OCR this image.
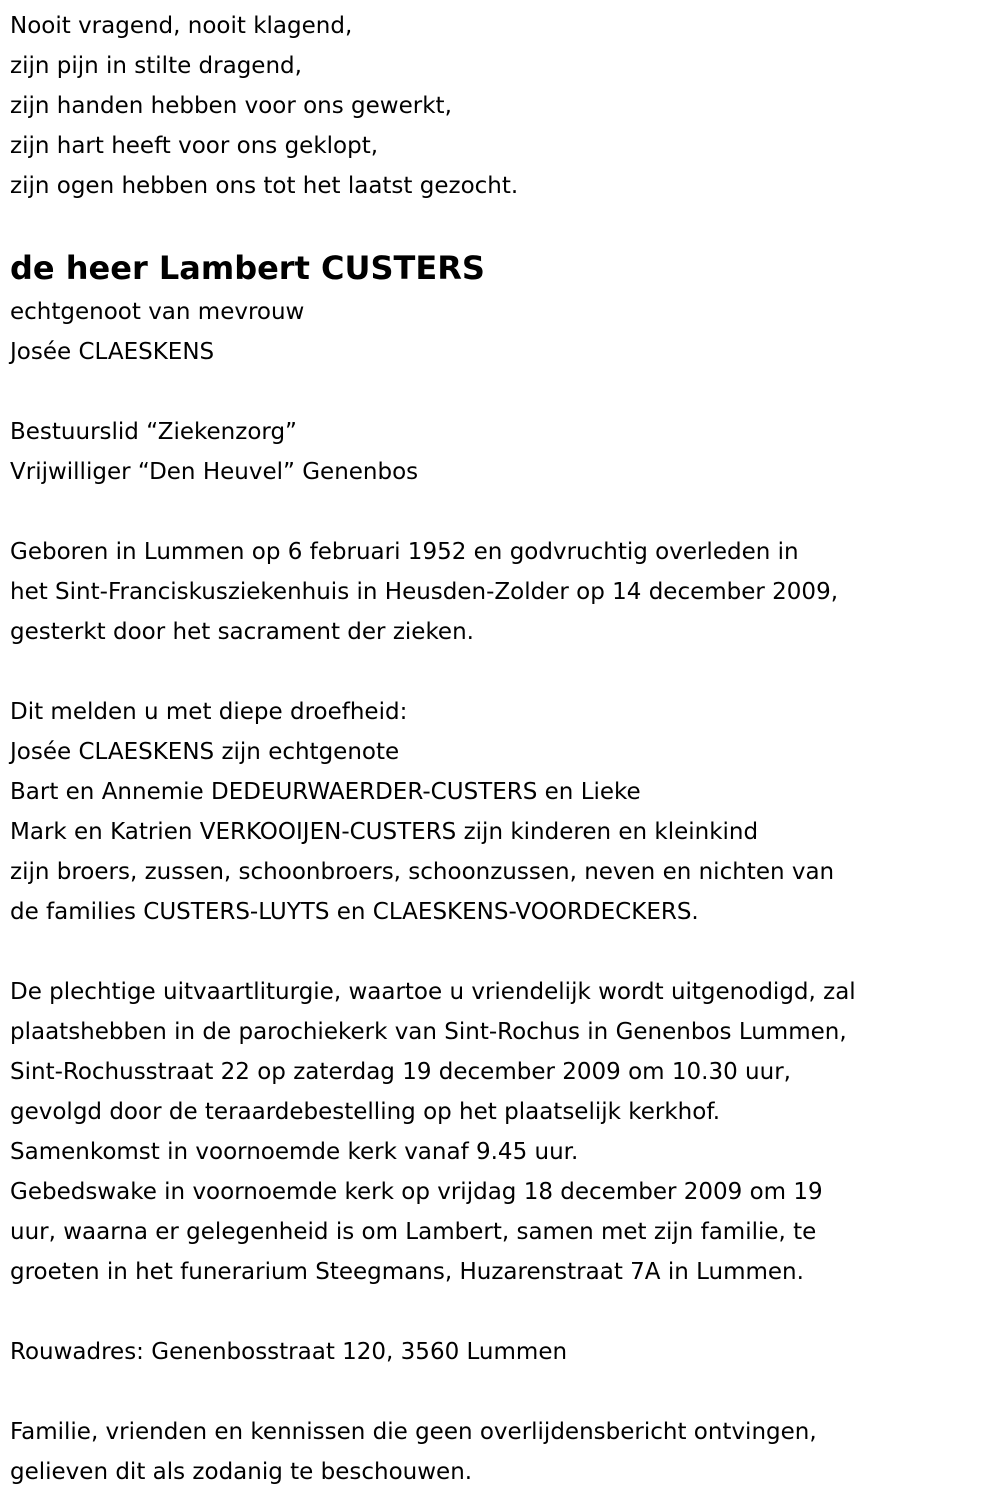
Nooit vragend, nooit klagend,
zijn pijn in stilte dragend,
zijn handen hebben voor ons gewerkt,
zijn hart heeft voor ons geklopt,
zijn ogen hebben ons tot het laatst gezocht.
de heer Lambert CUSTERS
echtgenoot van mevrouw
Josée CLAESKENS
Bestuurslid “Ziekenzorg”
Vrijwilliger “Den Heuvel” Genenbos
Geboren in Lummen op 6 februari 1952 en godvruchtig overleden in
het Sint-Franciskusziekenhuis in Heusden-Zolder op 14 december 2009,
gesterkt door het sacrament der zieken.
Dit melden u met diepe droefheid:
Josée CLAESKENS zijn echtgenote
Bart en Annemie DEDEURWAERDER-CUSTERS en Lieke
Mark en Katrien VERKOOIJEN-CUSTERS zijn kinderen en kleinkind
zijn broers, zussen, schoonbroers, schoonzussen, neven en nichten van
de families CUSTERS-LUYTS en CLAESKENS-VOORDECKERS.
De plechtige uitvaartliturgie, waartoe u vriendelijk wordt uitgenodigd, zal
plaatshebben in de parochiekerk van Sint-Rochus in Genenbos Lummen,
Sint-Rochusstraat 22 op zaterdag 19 december 2009 om 10.30 uur,
gevolgd door de teraardebestelling op het plaatselijk kerkhof.
Samenkomst in voornoemde kerk vanaf 9.45 uur.
Gebedswake in voornoemde kerk op vrijdag 18 december 2009 om 19
uur, waarna er gelegenheid is om Lambert, samen met zijn familie, te
groeten in het funerarium Steegmans, Huzarenstraat 7A in Lummen.
Rouwadres: Genenbosstraat 120, 3560 Lummen
Familie, vrienden en kennissen die geen overlijdensbericht ontvingen,
gelieven dit als zodanig te beschouwen.
